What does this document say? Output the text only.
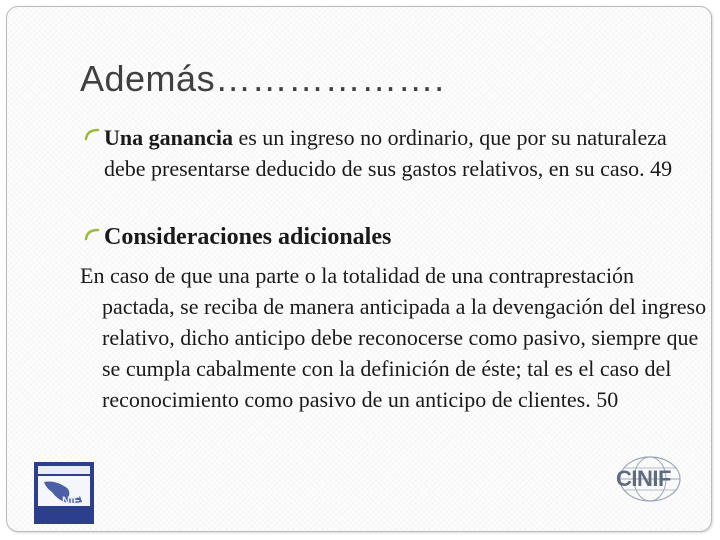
Además……………….

Una ganancia es un ingreso no ordinario, que por su naturaleza debe presentarse deducido de sus gastos relativos, en su caso. 49

Consideraciones adicionales

En caso de que una parte o la totalidad de una contraprestación pactada, se reciba de manera anticipada a la devengación del ingreso relativo, dicho anticipo debe reconocerse como pasivo, siempre que se cumpla cabalmente con la definición de éste; tal es el caso del reconocimiento como pasivo de un anticipo de clientes. 50

NIF
CINIF
